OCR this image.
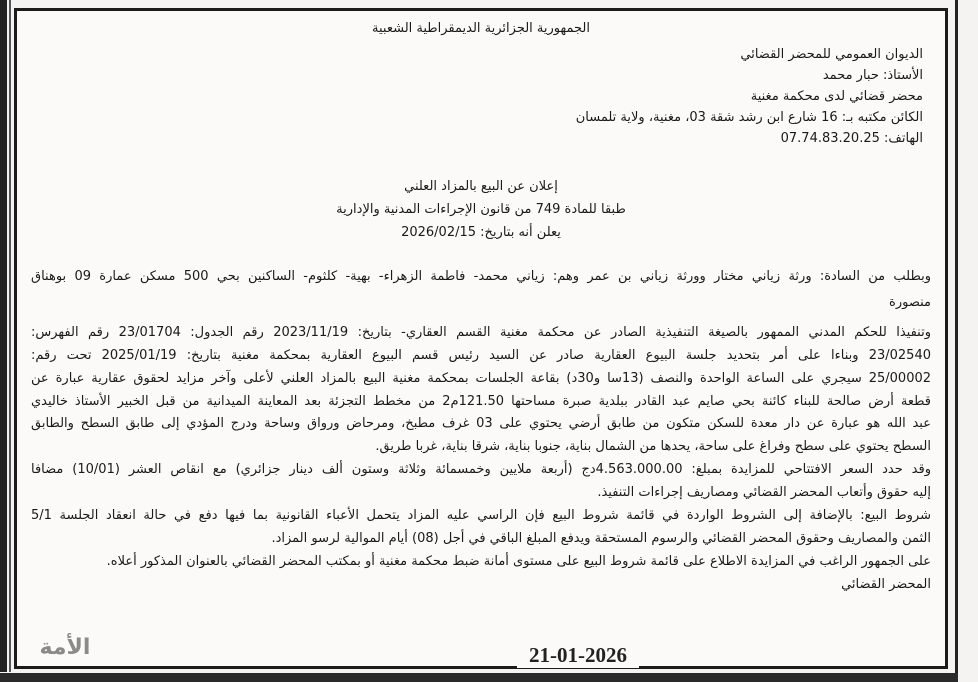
الجمهورية الجزائرية الديمقراطية الشعبية
الديوان العمومي للمحضر القضائي
الأستاذ: حبار محمد
محضر قضائي لدى محكمة مغنية
الكائن مكتبه بـ: 16 شارع ابن رشد شقة 03، مغنية، ولاية تلمسان
الهاتف: 07.74.83.20.25
إعلان عن البيع بالمزاد العلني
طبقا للمادة 749 من قانون الإجراءات المدنية والإدارية
يعلن أنه بتاريخ: 2026/02/15
وبطلب من السادة: ورثة زياني مختار وورثة زياني بن عمر وهم: زياني محمد- فاطمة الزهراء- بهية- كلثوم- الساكنين بحي 500 مسكن عمارة 09 بوهناق
منصورة
وتنفيذا للحكم المدني الممهور بالصيغة التنفيذية الصادر عن محكمة مغنية القسم العقاري- بتاريخ: 2023/11/19 رقم الجدول: 23/01704 رقم الفهرس:
23/02540 وبناءا على أمر بتحديد جلسة البيوع العقارية صادر عن السيد رئيس قسم البيوع العقارية بمحكمة مغنية بتاريخ: 2025/01/19 تحت رقم:
25/00002 سيجري على الساعة الواحدة والنصف (13سا و30د) بقاعة الجلسات بمحكمة مغنية البيع بالمزاد العلني لأعلى وآخر مزايد لحقوق عقارية عبارة عن
قطعة أرض صالحة للبناء كائنة بحي صايم عبد القادر ببلدية صبرة مساحتها 121.50م2 من مخطط التجزئة بعد المعاينة الميدانية من قبل الخبير الأستاذ خاليدي
عبد الله هو عبارة عن دار معدة للسكن متكون من طابق أرضي يحتوي على 03 غرف مطبخ، ومرحاض ورواق وساحة ودرج المؤدي إلى طابق السطح والطابق
السطح يحتوي على سطح وفراغ على ساحة، يحدها من الشمال بناية، جنوبا بناية، شرقا بناية، غربا طريق.
وقد حدد السعر الافتتاحي للمزايدة بمبلغ: 4.563.000.00دج (أربعة ملايين وخمسمائة وثلاثة وستون ألف دينار جزائري) مع انقاص العشر (10/01) مضافا
إليه حقوق وأتعاب المحضر القضائي ومصاريف إجراءات التنفيذ.
شروط البيع: بالإضافة إلى الشروط الواردة في قائمة شروط البيع فإن الراسي عليه المزاد يتحمل الأعباء القانونية بما فيها دفع في حالة انعقاد الجلسة 5/1
الثمن والمصاريف وحقوق المحضر القضائي والرسوم المستحقة ويدفع المبلغ الباقي في أجل (08) أيام الموالية لرسو المزاد.
على الجمهور الراغب في المزايدة الاطلاع على قائمة شروط البيع على مستوى أمانة ضبط محكمة مغنية أو بمكتب المحضر القضائي بالعنوان المذكور أعلاه.
المحضر القضائي
21-01-2026
الأمة
